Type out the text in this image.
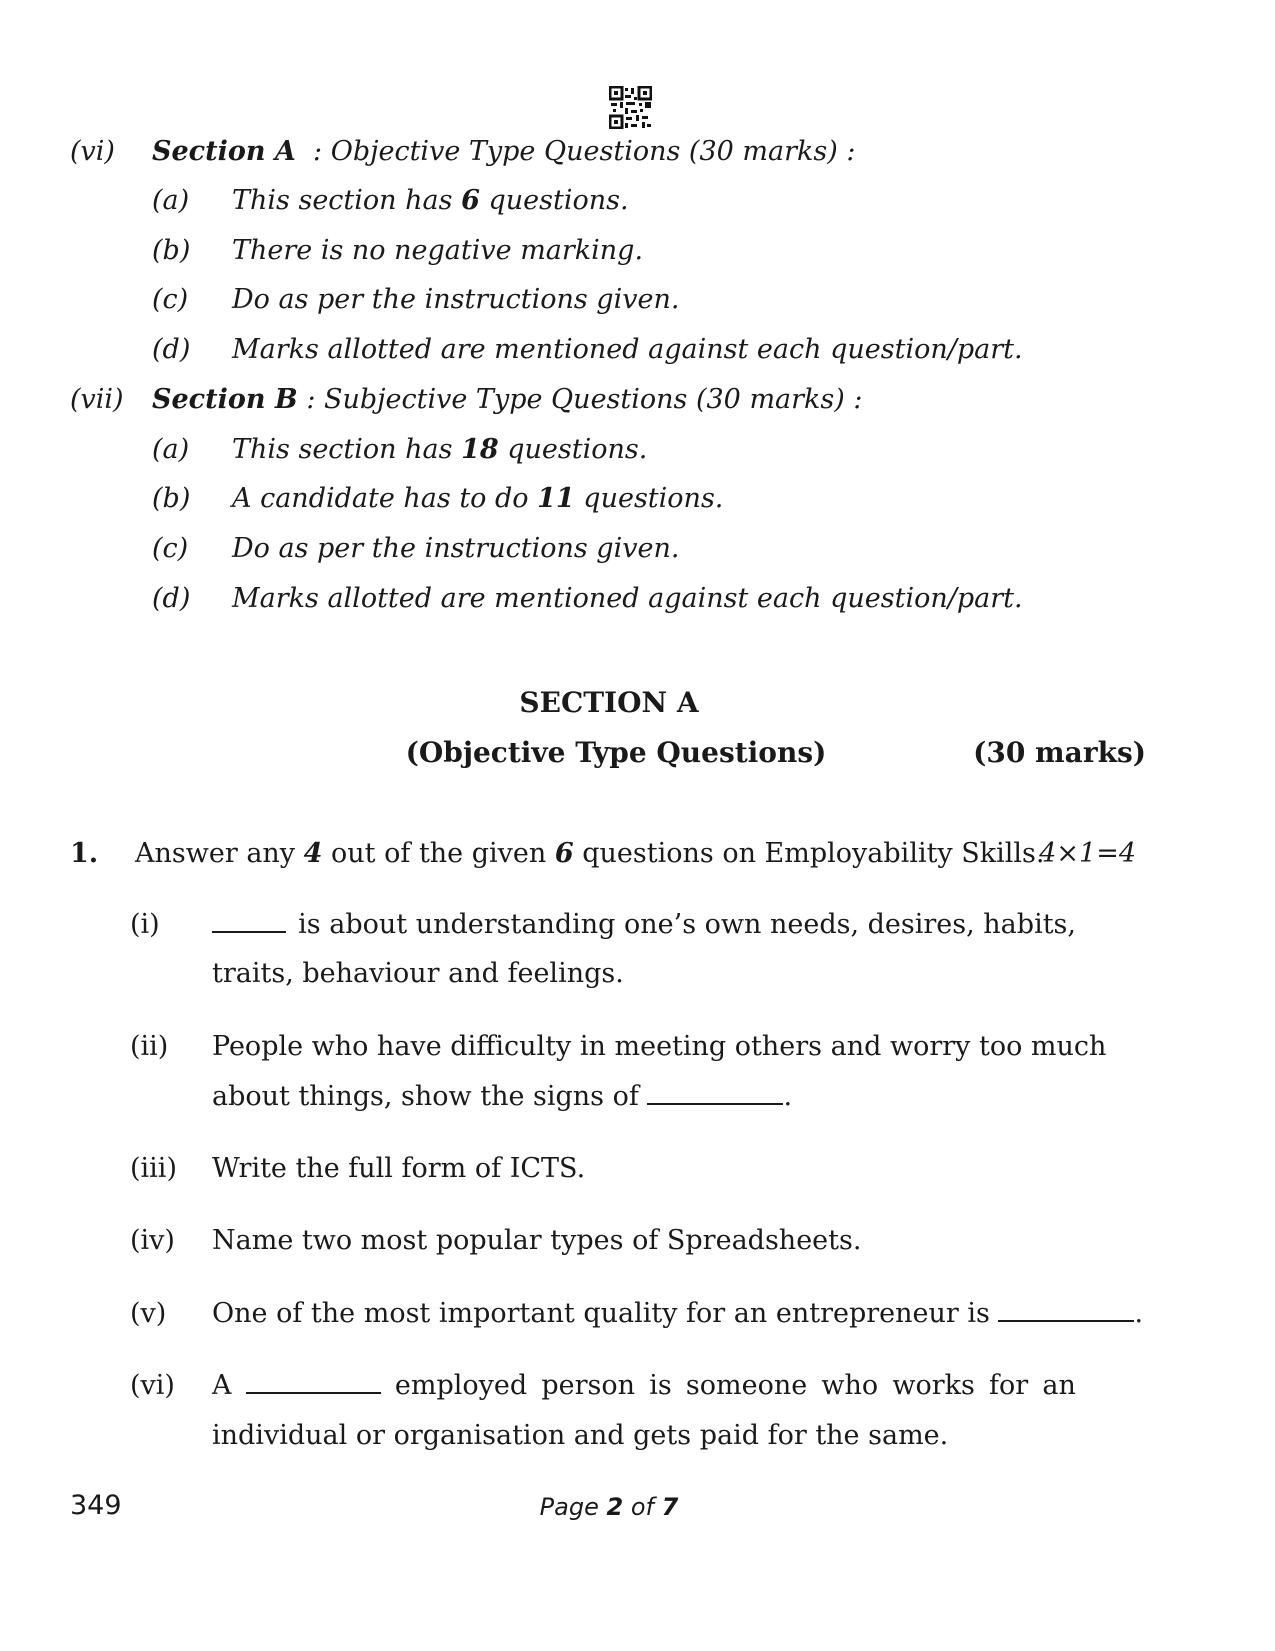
(vi) Section A : Objective Type Questions (30 marks) :
(a) This section has 6 questions.
(b) There is no negative marking.
(c) Do as per the instructions given.
(d) Marks allotted are mentioned against each question/part.
(vii) Section B : Subjective Type Questions (30 marks) :
(a) This section has 18 questions.
(b) A candidate has to do 11 questions.
(c) Do as per the instructions given.
(d) Marks allotted are mentioned against each question/part.
SECTION A
(Objective Type Questions)	(30 marks)
1. Answer any 4 out of the given 6 questions on Employability Skills.
4×1=4
(i)	is about understanding one’s own needs, desires, habits,
traits, behaviour and feelings.
(ii) People who have difficulty in meeting others and worry too much
about things, show the signs of	.
(iii) Write the full form of ICTS.
(iv) Name two most popular types of Spreadsheets.
(v) One of the most important quality for an entrepreneur is	.
(vi) A	employed person is someone who works for an
individual or organisation and gets paid for the same.
349	Page 2 of 7
